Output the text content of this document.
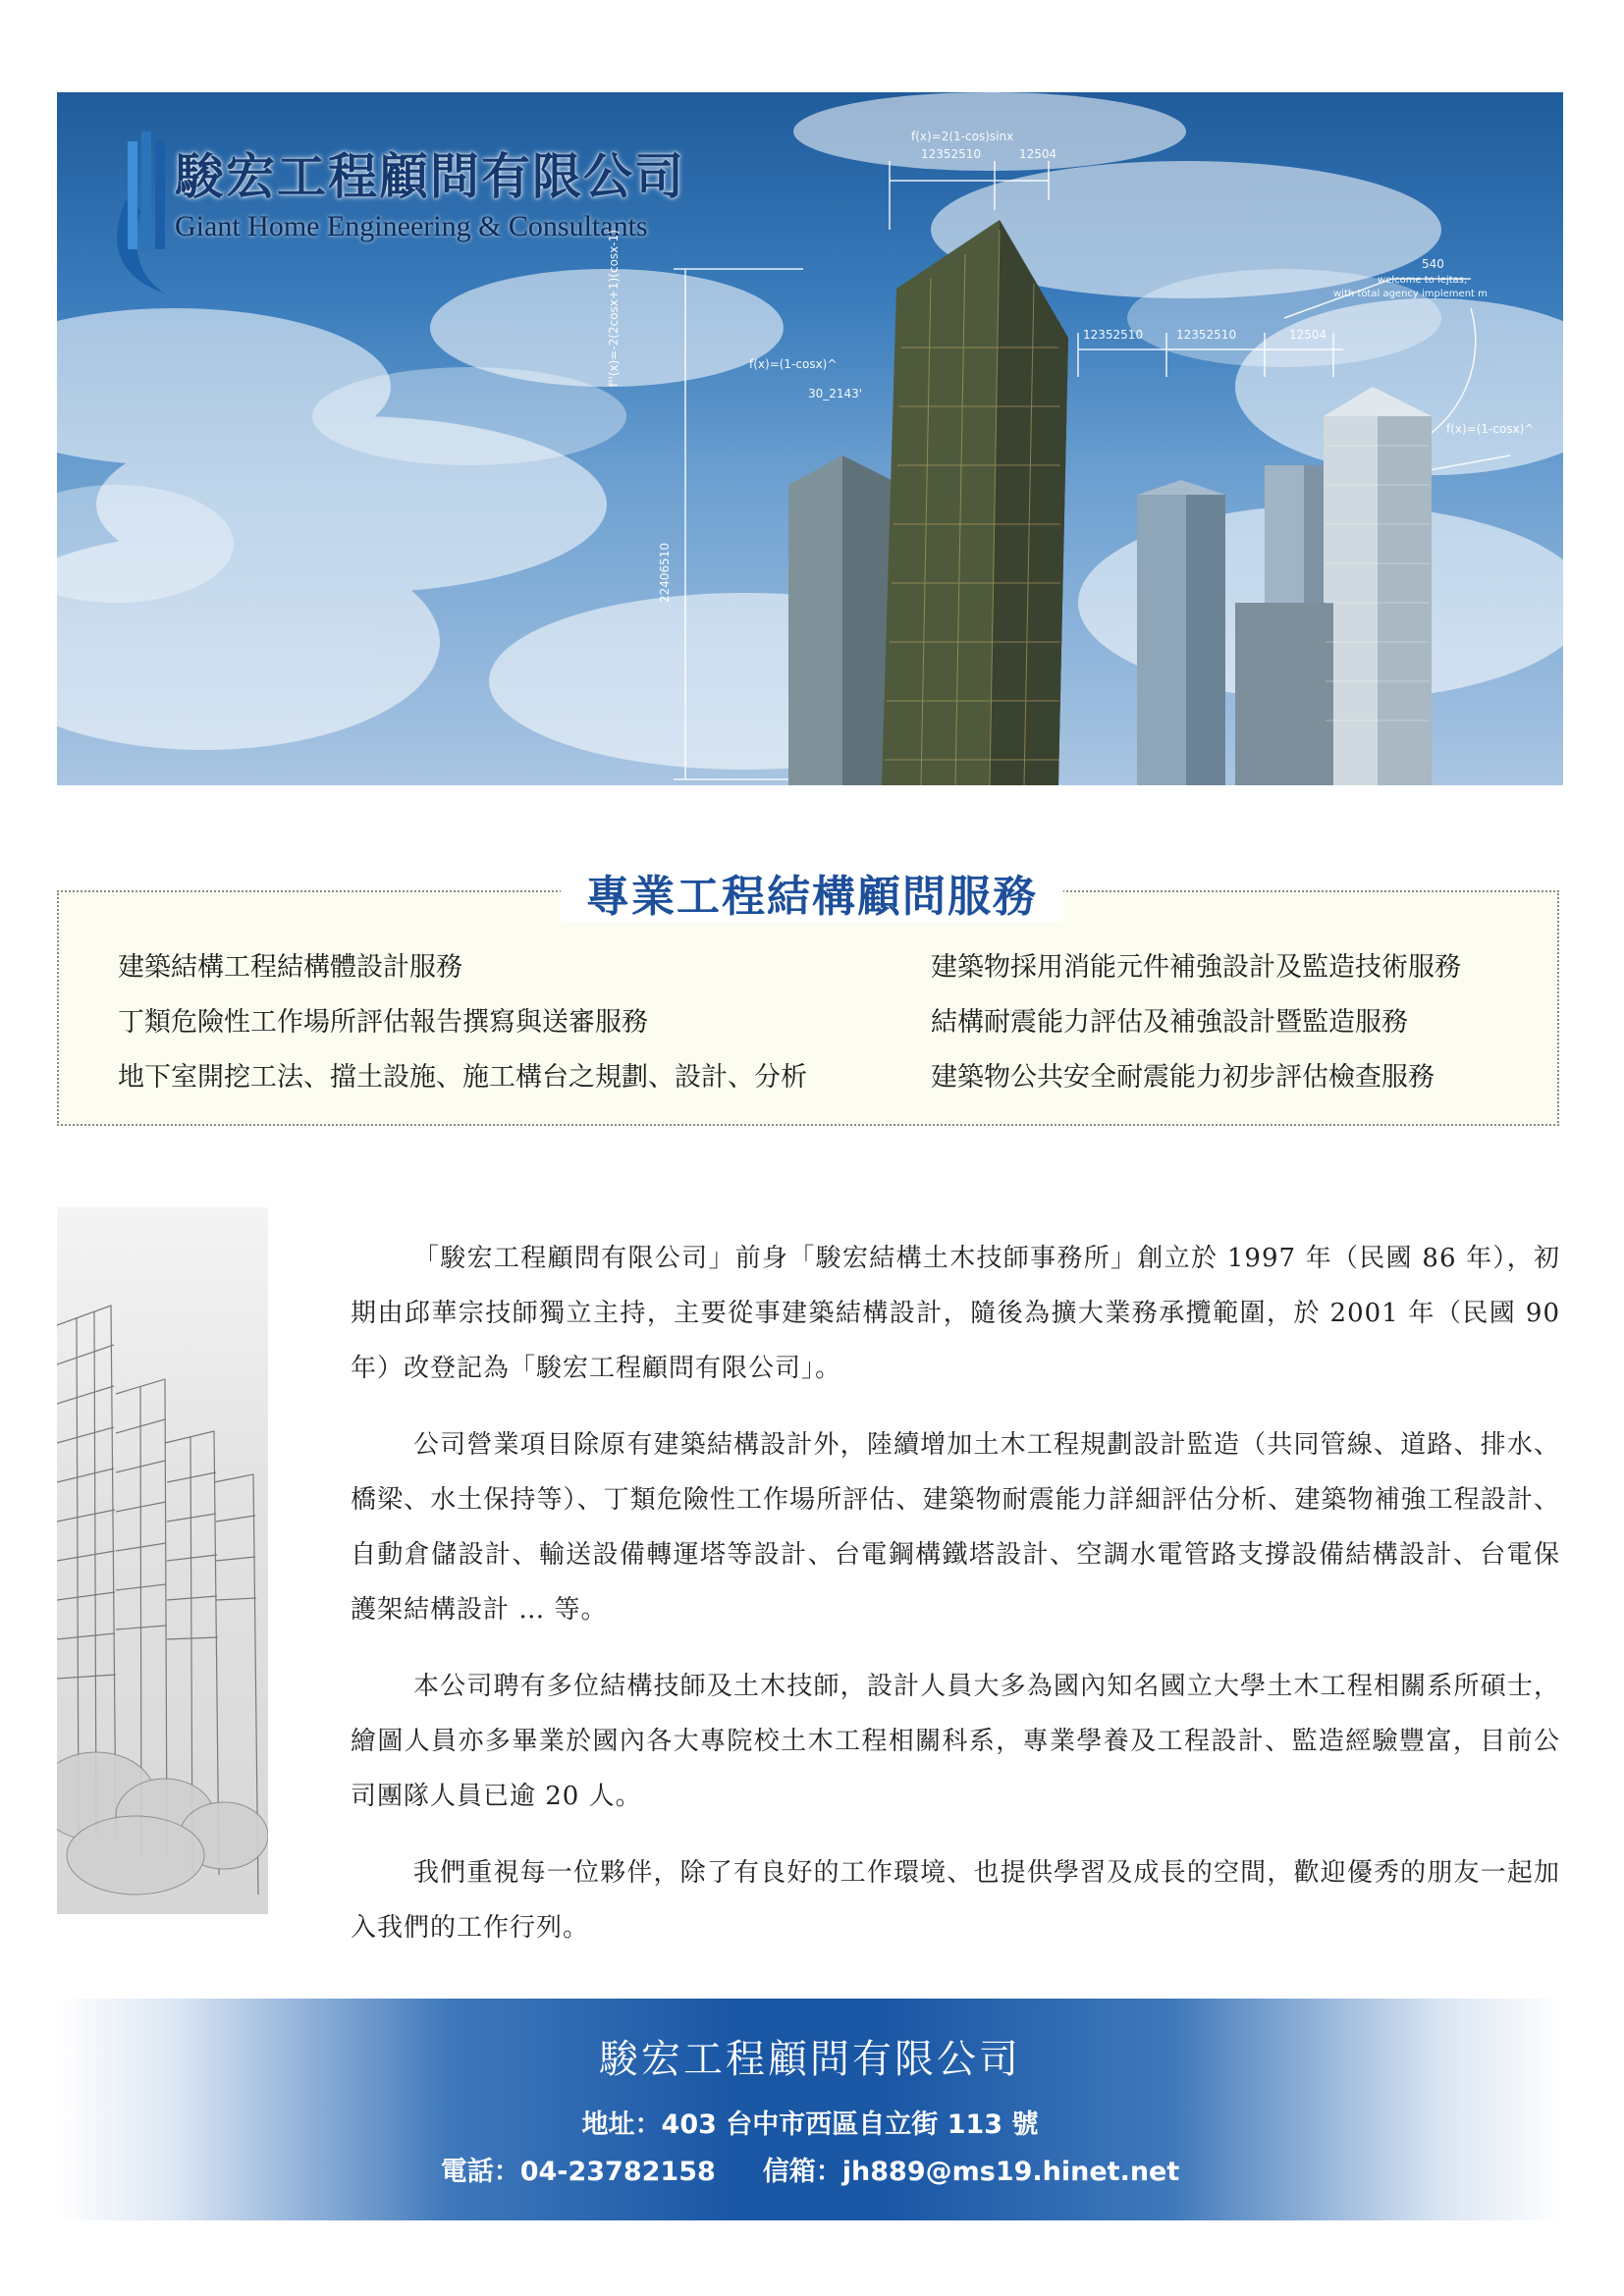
駿宏工程顧問有限公司
Giant Home Engineering & Consultants
f(x)=2(1-cos)sinx
12352510	12504
f''(x)=-2(2cosx+1)(cosx-1)
22406510
f(x)=(1-cosx)^
30_2143'
12352510	12352510	12504
540
welcome to lejtas,
with total agency implement m
f(x)=(1-cosx)^
專業工程結構顧問服務
建築結構工程結構體設計服務
丁類危險性工作場所評估報告撰寫與送審服務
地下室開挖工法、擋土設施、施工構台之規劃、設計、分析
建築物採用消能元件補強設計及監造技術服務
結構耐震能力評估及補強設計暨監造服務
建築物公共安全耐震能力初步評估檢查服務

「駿宏工程顧問有限公司」前身「駿宏結構土木技師事務所」創立於 1997 年（民國 86 年），初期由邱華宗技師獨立主持，主要從事建築結構設計，隨後為擴大業務承攬範圍，於 2001 年（民國 90 年）改登記為「駿宏工程顧問有限公司」。

公司營業項目除原有建築結構設計外，陸續增加土木工程規劃設計監造（共同管線、道路、排水、橋梁、水土保持等）、丁類危險性工作場所評估、建築物耐震能力詳細評估分析、建築物補強工程設計、自動倉儲設計、輸送設備轉運塔等設計、台電鋼構鐵塔設計、空調水電管路支撐設備結構設計、台電保護架結構設計 … 等。

本公司聘有多位結構技師及土木技師，設計人員大多為國內知名國立大學土木工程相關系所碩士，繪圖人員亦多畢業於國內各大專院校土木工程相關科系，專業學養及工程設計、監造經驗豐富，目前公司團隊人員已逾 20 人。

我們重視每一位夥伴，除了有良好的工作環境、也提供學習及成長的空間，歡迎優秀的朋友一起加入我們的工作行列。

駿宏工程顧問有限公司
地址：403 台中市西區自立街 113 號
電話：04-23782158 信箱：jh889@ms19.hinet.net
